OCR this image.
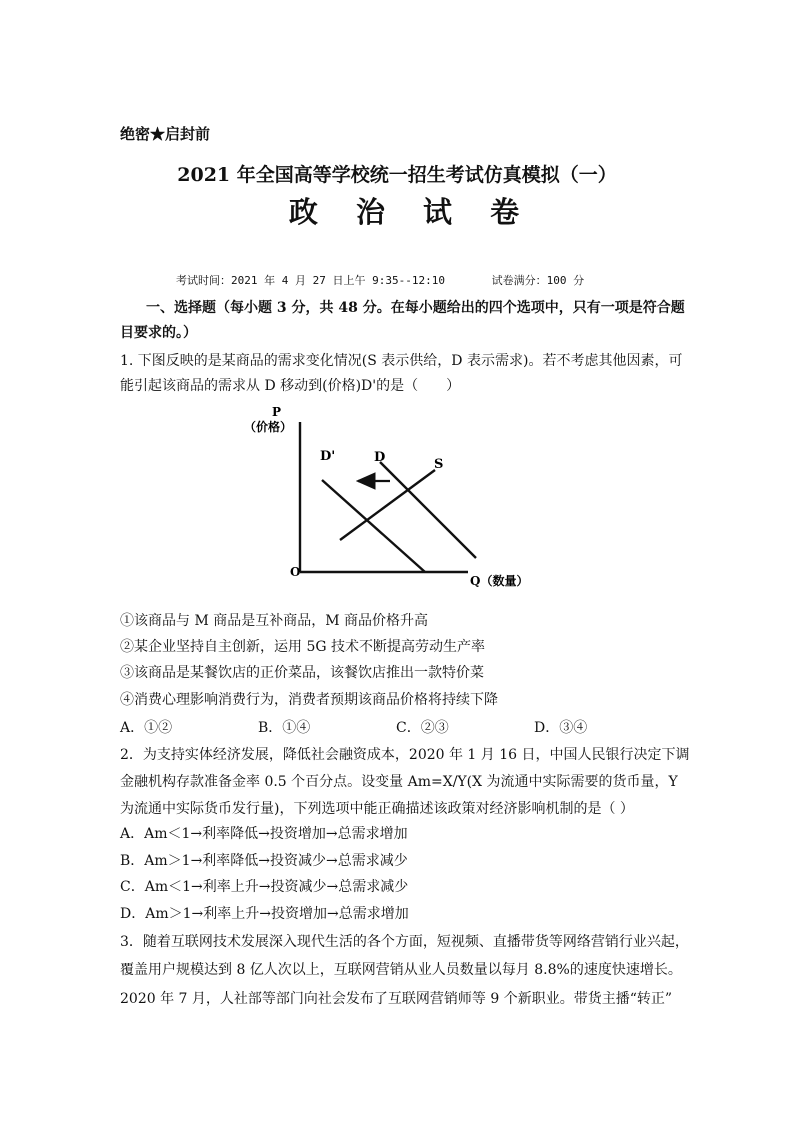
绝密★启封前
2021 年全国高等学校统一招生考试仿真模拟（一）
政 治 试 卷
考试时间：2021 年 4 月 27 日上午 9:35--12:10	试卷满分：100 分
一、选择题（每小题 3 分，共 48 分。在每小题给出的四个选项中，只有一项是符合题
目要求的。）
1. 下图反映的是某商品的需求变化情况(S 表示供给，D 表示需求)。若不考虑其他因素，可
能引起该商品的需求从 D 移动到(价格)D'的是（　　）
P
（价格）
O
Q（数量）
D'	D	S
①该商品与 M 商品是互补商品，M 商品价格升高
②某企业坚持自主创新，运用 5G 技术不断提高劳动生产率
③该商品是某餐饮店的正价菜品，该餐饮店推出一款特价菜
④消费心理影响消费行为，消费者预期该商品价格将持续下降
A．①②	B．①④	C．②③	D．③④
2．为支持实体经济发展，降低社会融资成本，2020 年 1 月 16 日，中国人民银行决定下调
金融机构存款准备金率 0.5 个百分点。设变量 Am=X/Y(X 为流通中实际需要的货币量，Y
为流通中实际货币发行量)，下列选项中能正确描述该政策对经济影响机制的是（ ）
A．Am＜1→利率降低→投资增加→总需求增加
B．Am＞1→利率降低→投资减少→总需求减少
C．Am＜1→利率上升→投资减少→总需求减少
D．Am＞1→利率上升→投资增加→总需求增加
3．随着互联网技术发展深入现代生活的各个方面，短视频、直播带货等网络营销行业兴起，
覆盖用户规模达到 8 亿人次以上，互联网营销从业人员数量以每月 8.8%的速度快速增长。
2020 年 7 月，人社部等部门向社会发布了互联网营销师等 9 个新职业。带货主播“转正”
